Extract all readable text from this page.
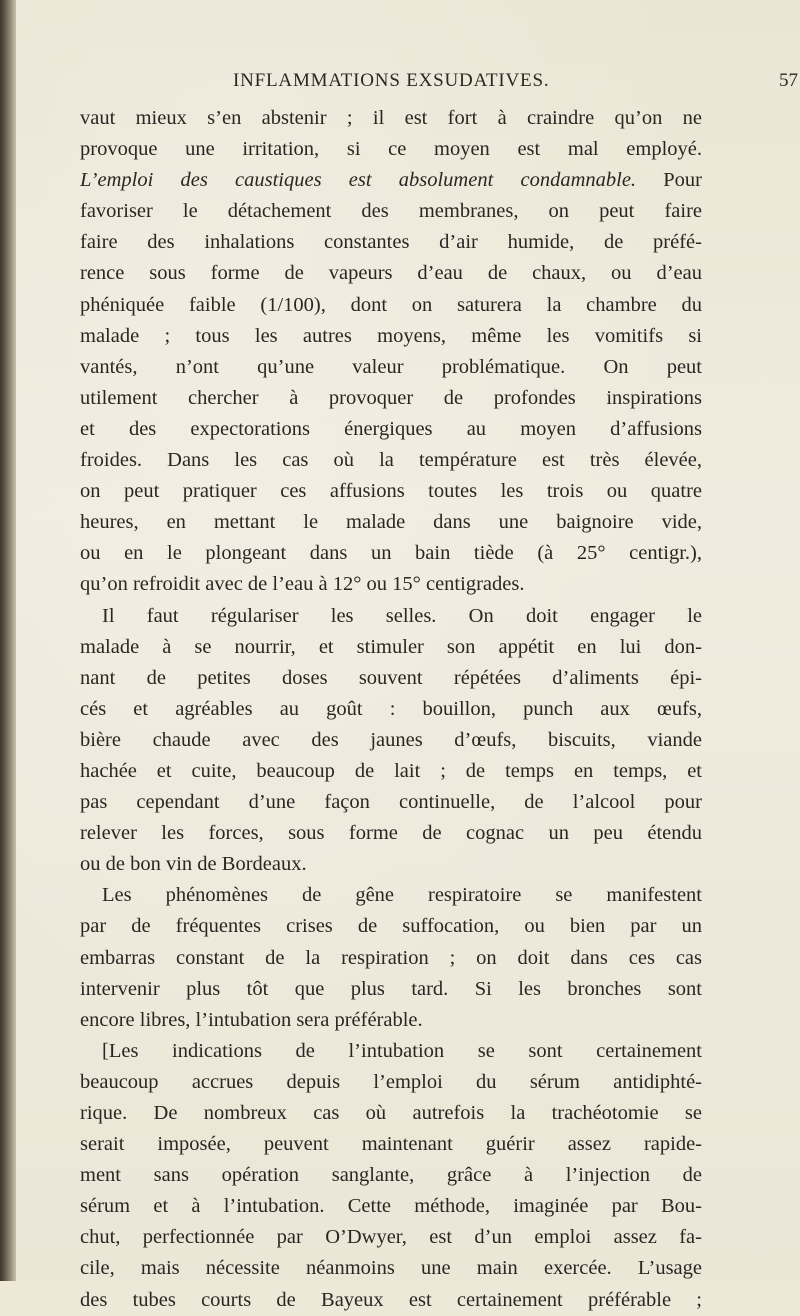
INFLAMMATIONS EXSUDATIVES.	57
vaut mieux s’en abstenir ; il est fort à craindre qu’on ne
provoque une irritation, si ce moyen est mal employé.
L’emploi des caustiques est absolument condamnable. Pour
favoriser le détachement des membranes, on peut faire
faire des inhalations constantes d’air humide, de préfé-
rence sous forme de vapeurs d’eau de chaux, ou d’eau
phéniquée faible (1/100), dont on saturera la chambre du
malade ; tous les autres moyens, même les vomitifs si
vantés, n’ont qu’une valeur problématique. On peut
utilement chercher à provoquer de profondes inspirations
et des expectorations énergiques au moyen d’affusions
froides. Dans les cas où la température est très élevée,
on peut pratiquer ces affusions toutes les trois ou quatre
heures, en mettant le malade dans une baignoire vide,
ou en le plongeant dans un bain tiède (à 25° centigr.),
qu’on refroidit avec de l’eau à 12° ou 15° centigrades.
Il faut régulariser les selles. On doit engager le
malade à se nourrir, et stimuler son appétit en lui don-
nant de petites doses souvent répétées d’aliments épi-
cés et agréables au goût : bouillon, punch aux œufs,
bière chaude avec des jaunes d’œufs, biscuits, viande
hachée et cuite, beaucoup de lait ; de temps en temps, et
pas cependant d’une façon continuelle, de l’alcool pour
relever les forces, sous forme de cognac un peu étendu
ou de bon vin de Bordeaux.
Les phénomènes de gêne respiratoire se manifestent
par de fréquentes crises de suffocation, ou bien par un
embarras constant de la respiration ; on doit dans ces cas
intervenir plus tôt que plus tard. Si les bronches sont
encore libres, l’intubation sera préférable.
[Les indications de l’intubation se sont certainement
beaucoup accrues depuis l’emploi du sérum antidiphté-
rique. De nombreux cas où autrefois la trachéotomie se
serait imposée, peuvent maintenant guérir assez rapide-
ment sans opération sanglante, grâce à l’injection de
sérum et à l’intubation. Cette méthode, imaginée par Bou-
chut, perfectionnée par O’Dwyer, est d’un emploi assez fa-
cile, mais nécessite néanmoins une main exercée. L’usage
des tubes courts de Bayeux est certainement préférable ;
